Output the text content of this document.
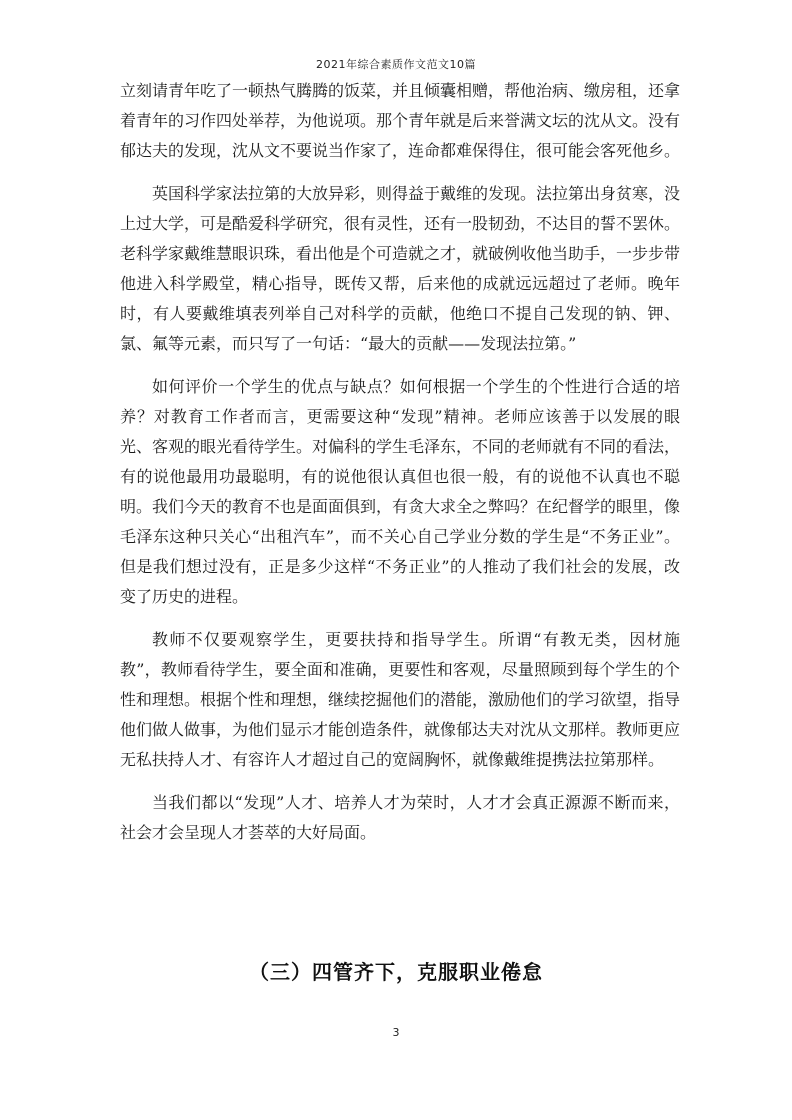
2021年综合素质作文范文10篇

立刻请青年吃了一顿热气腾腾的饭菜，并且倾囊相赠，帮他治病、缴房租，还拿着青年的习作四处举荐，为他说项。那个青年就是后来誉满文坛的沈从文。没有郁达夫的发现，沈从文不要说当作家了，连命都难保得住，很可能会客死他乡。

英国科学家法拉第的大放异彩，则得益于戴维的发现。法拉第出身贫寒，没上过大学，可是酷爱科学研究，很有灵性，还有一股韧劲，不达目的誓不罢休。老科学家戴维慧眼识珠，看出他是个可造就之才，就破例收他当助手，一步步带他进入科学殿堂，精心指导，既传又帮，后来他的成就远远超过了老师。晚年时，有人要戴维填表列举自己对科学的贡献，他绝口不提自己发现的钠、钾、氯、氟等元素，而只写了一句话：“最大的贡献——发现法拉第。”

如何评价一个学生的优点与缺点？如何根据一个学生的个性进行合适的培养？对教育工作者而言，更需要这种“发现”精神。老师应该善于以发展的眼光、客观的眼光看待学生。对偏科的学生毛泽东，不同的老师就有不同的看法，有的说他最用功最聪明，有的说他很认真但也很一般，有的说他不认真也不聪明。我们今天的教育不也是面面俱到，有贪大求全之弊吗？在纪督学的眼里，像毛泽东这种只关心“出租汽车”，而不关心自己学业分数的学生是“不务正业”。但是我们想过没有，正是多少这样“不务正业”的人推动了我们社会的发展，改变了历史的进程。

教师不仅要观察学生，更要扶持和指导学生。所谓“有教无类，因材施教”，教师看待学生，要全面和准确，更要性和客观，尽量照顾到每个学生的个性和理想。根据个性和理想，继续挖掘他们的潜能，激励他们的学习欲望，指导他们做人做事，为他们显示才能创造条件，就像郁达夫对沈从文那样。教师更应无私扶持人才、有容许人才超过自己的宽阔胸怀，就像戴维提携法拉第那样。

当我们都以“发现”人才、培养人才为荣时，人才才会真正源源不断而来，社会才会呈现人才荟萃的大好局面。

（三）四管齐下，克服职业倦怠
3
